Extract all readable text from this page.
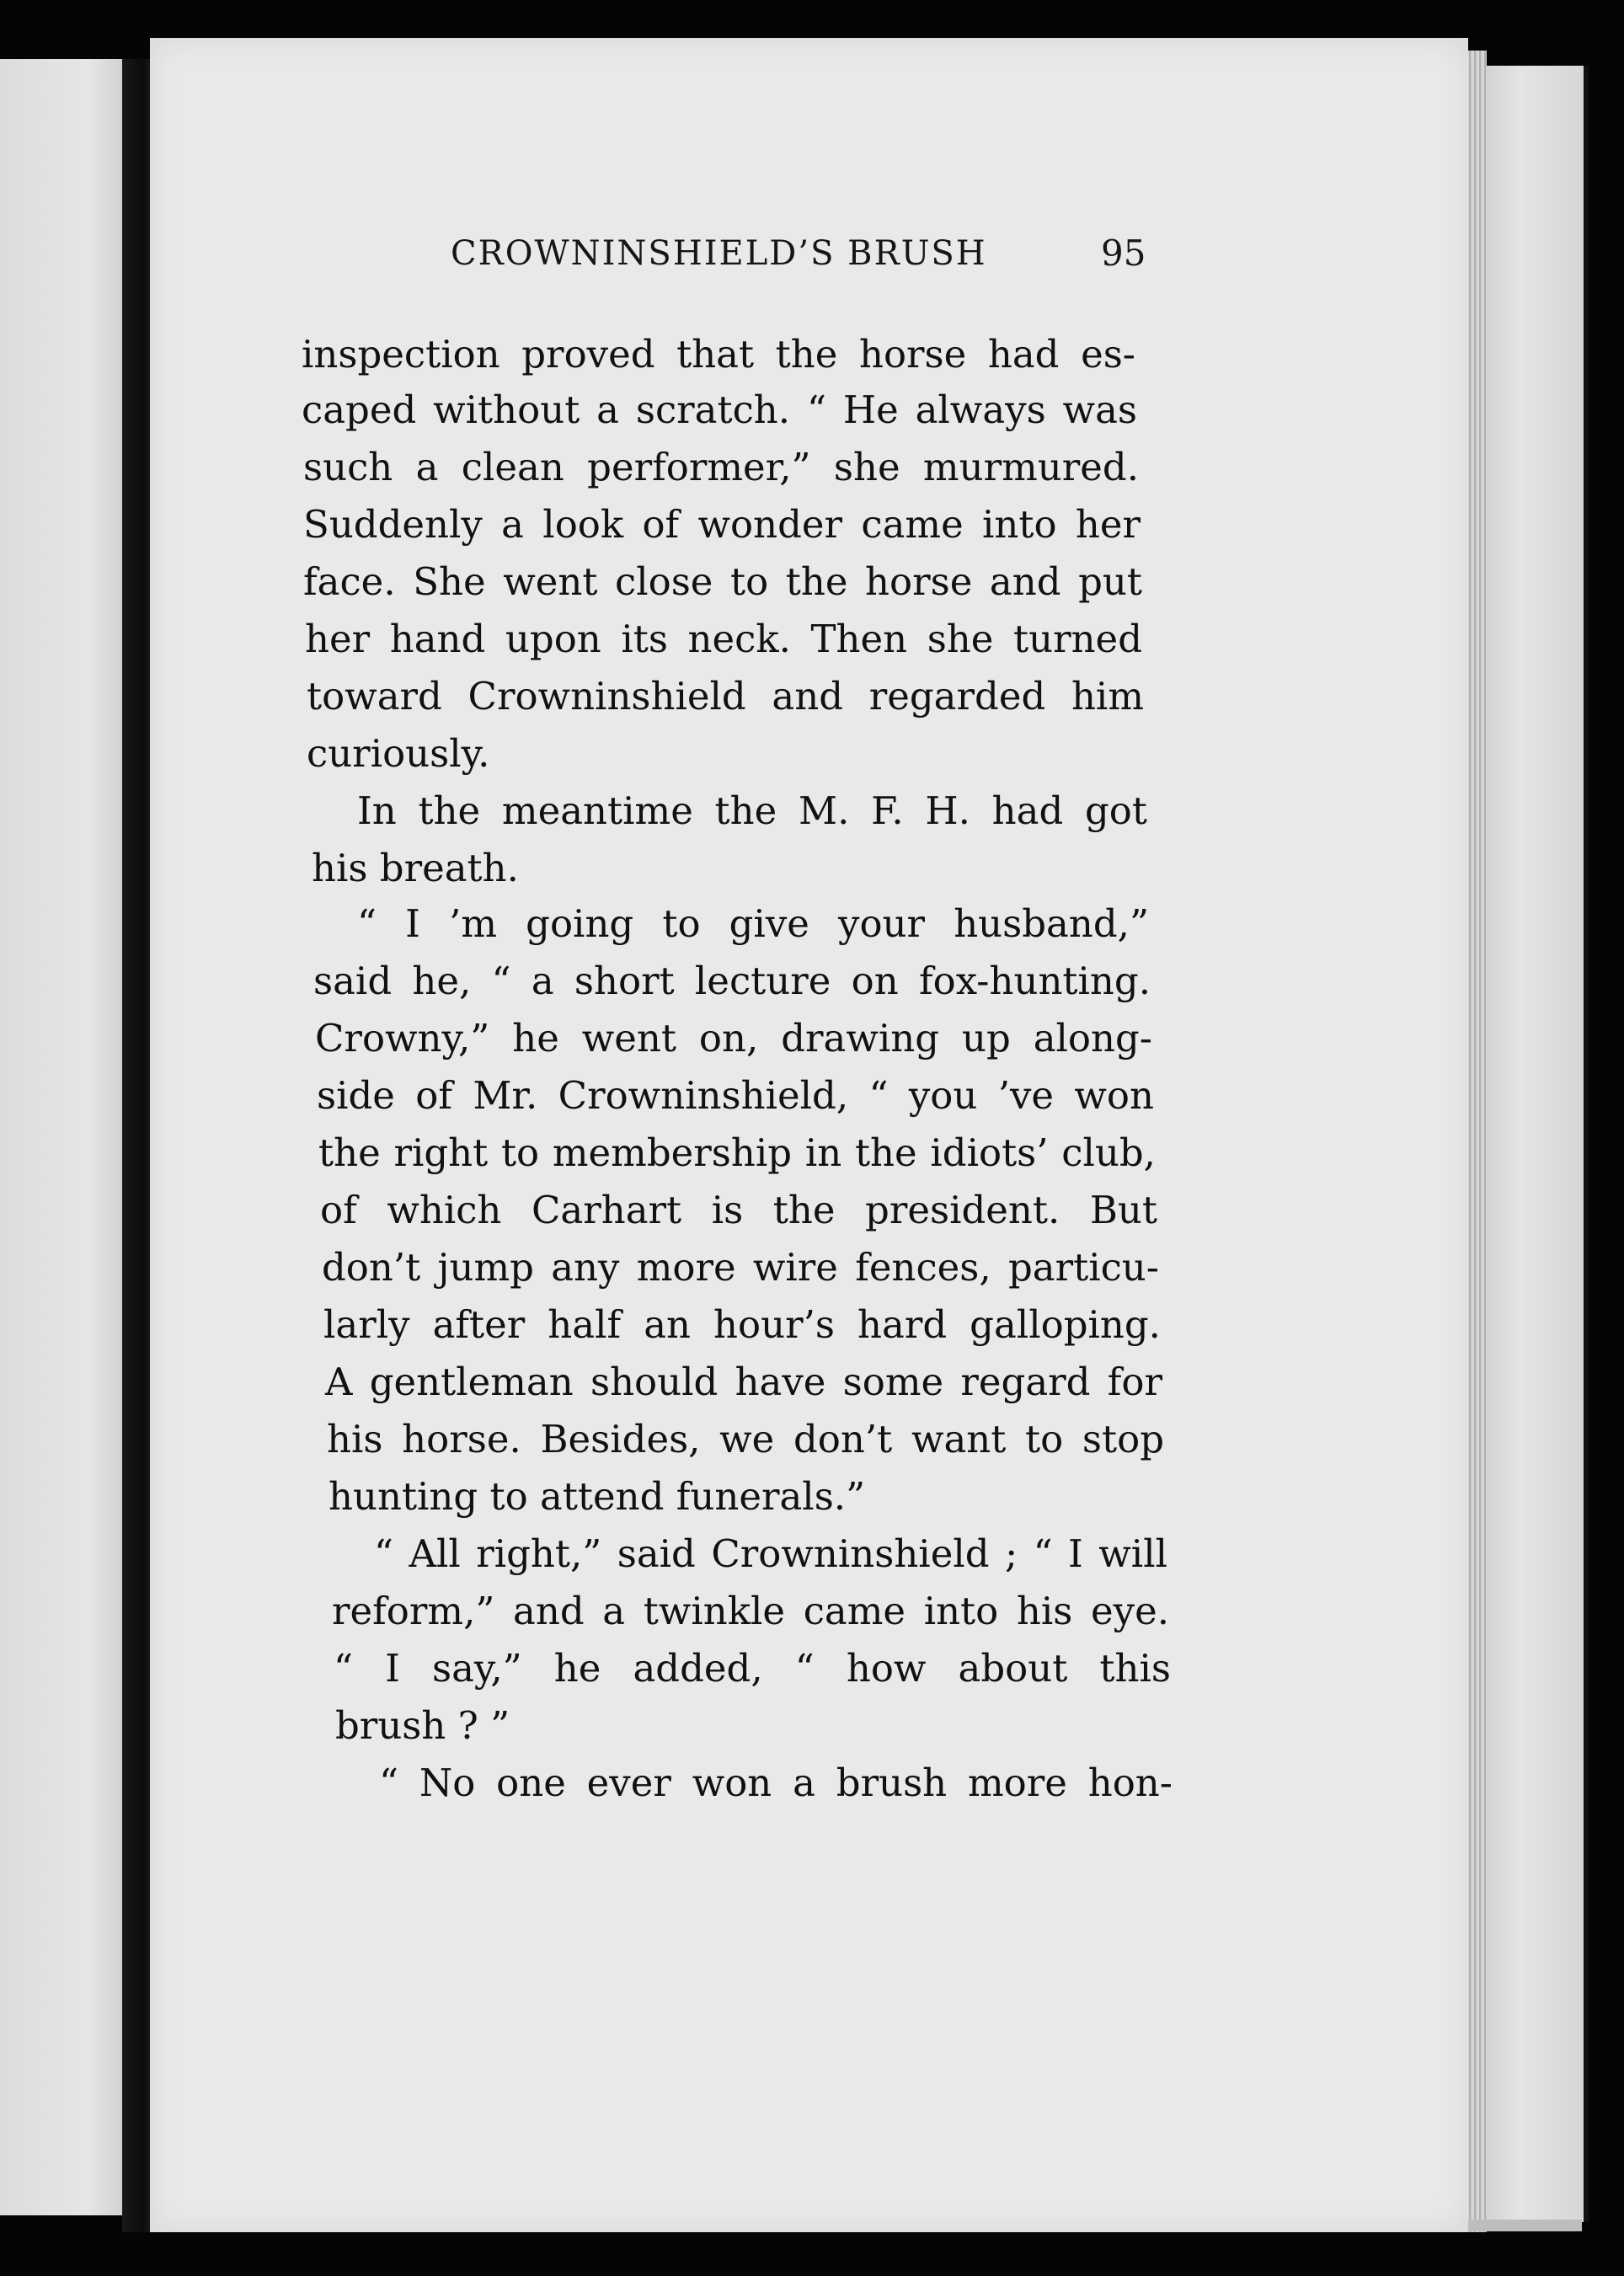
CROWNINSHIELD’S BRUSH	95
inspection proved that the horse had es-
caped without a scratch. “ He always was
such a clean performer,” she murmured.
Suddenly a look of wonder came into her
face. She went close to the horse and put
her hand upon its neck. Then she turned
toward Crowninshield and regarded him
curiously.
In the meantime the M. F. H. had got
his breath.
“ I ’m going to give your husband,”
said he, “ a short lecture on fox-hunting.
Crowny,” he went on, drawing up along-
side of Mr. Crowninshield, “ you ’ve won
the right to membership in the idiots’ club,
of which Carhart is the president. But
don’t jump any more wire fences, particu-
larly after half an hour’s hard galloping.
A gentleman should have some regard for
his horse. Besides, we don’t want to stop
hunting to attend funerals.”
“ All right,” said Crowninshield ; “ I will
reform,” and a twinkle came into his eye.
“ I say,” he added, “ how about this
brush ? ”
“ No one ever won a brush more hon-
